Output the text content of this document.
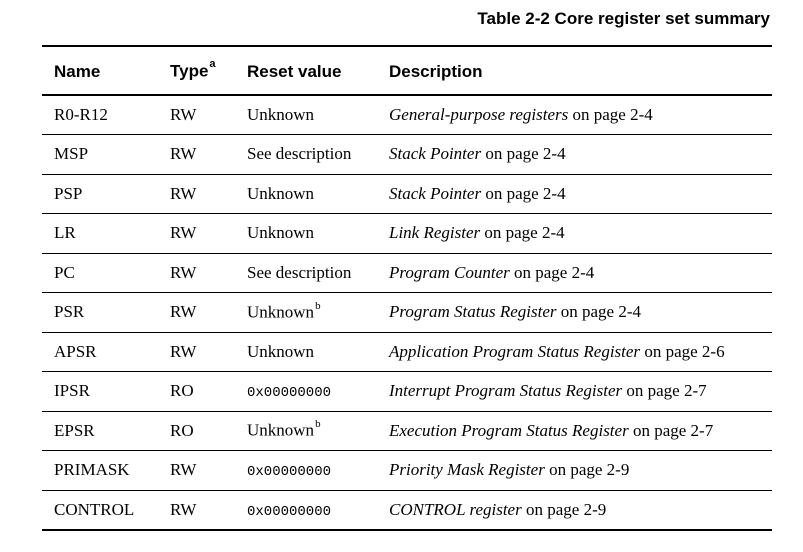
Table 2-2 Core register set summary
Name	Type$^a$	Reset value	Description
R0-R12	RW	Unknown	General-purpose registers on page 2-4
MSP	RW	See description	Stack Pointer on page 2-4
PSP	RW	Unknown	Stack Pointer on page 2-4
LR	RW	Unknown	Link Register on page 2-4
PC	RW	See description	Program Counter on page 2-4
PSR	RW	Unknown$^b$	Program Status Register on page 2-4
APSR	RW	Unknown	Application Program Status Register on page 2-6
IPSR	RO	0x00000000	Interrupt Program Status Register on page 2-7
EPSR	RO	Unknown$^b$	Execution Program Status Register on page 2-7
PRIMASK	RW	0x00000000	Priority Mask Register on page 2-9
CONTROL	RW	0x00000000	CONTROL register on page 2-9
